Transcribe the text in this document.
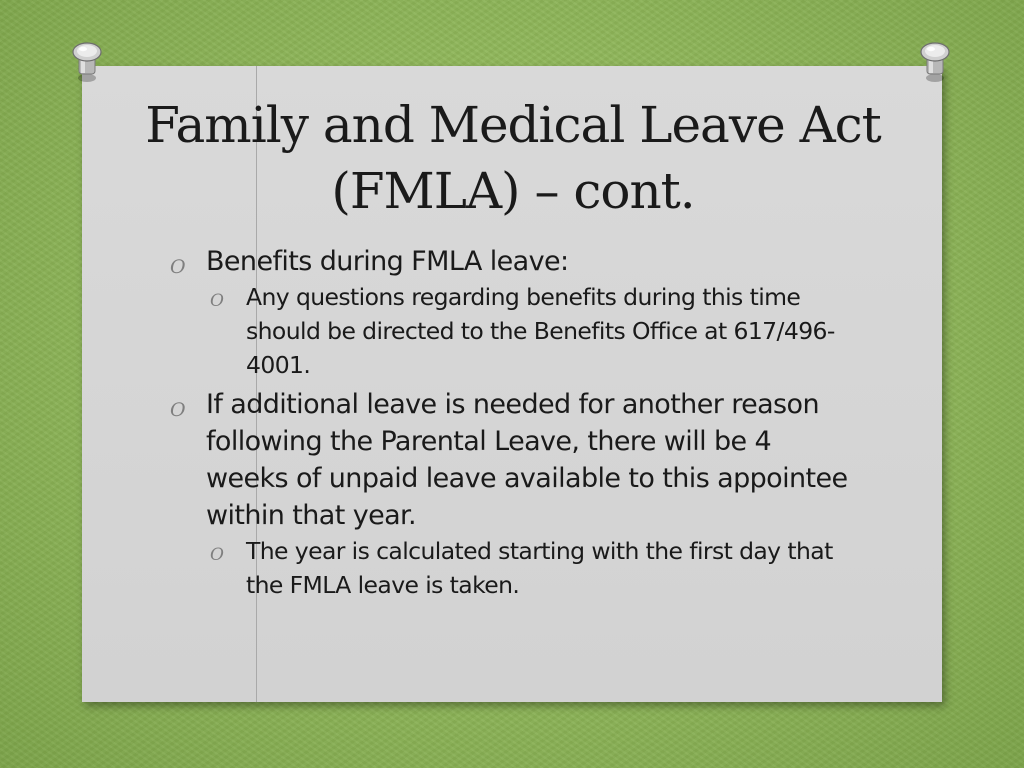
Family and Medical Leave Act
(FMLA) – cont.
O Benefits during FMLA leave:
O Any questions regarding benefits during this time should be directed to the Benefits Office at 617/496-4001.
O If additional leave is needed for another reason following the Parental Leave, there will be 4 weeks of unpaid leave available to this appointee within that year.
O The year is calculated starting with the first day that the FMLA leave is taken.
